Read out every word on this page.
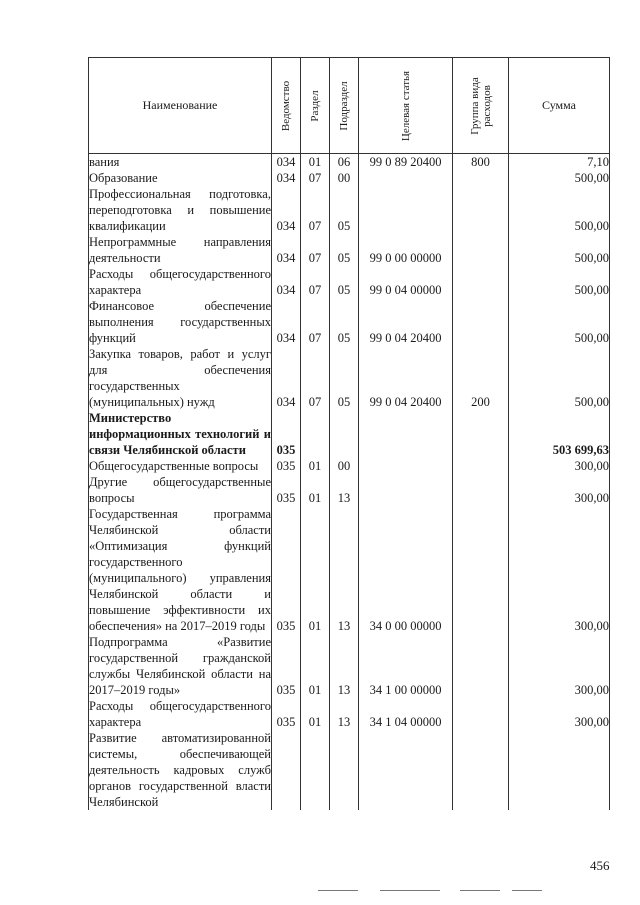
Наименование	Ведомство	Раздел	Подраздел	Целевая статья	Группа вида расходов	Сумма
вания	034	01	06	99 0 89 20400	800	7,10
Образование	034	07	00			500,00
Профессиональная подготовка, переподготовка и повышение квалификации	034	07	05			500,00
Непрограммные направления деятельности	034	07	05	99 0 00 00000		500,00
Расходы общегосударственного характера	034	07	05	99 0 04 00000		500,00
Финансовое обеспечение выполнения государственных функций	034	07	05	99 0 04 20400		500,00
Закупка товаров, работ и услуг для обеспечения государственных (муниципальных) нужд	034	07	05	99 0 04 20400	200	500,00
Министерство информационных технологий и связи Челябинской области	035					503 699,63
Общегосударственные вопросы	035	01	00			300,00
Другие общегосударственные вопросы	035	01	13			300,00
Государственная программа Челябинской области «Оптимизация функций государственного (муниципального) управления Челябинской области и повышение эффективности их обеспечения» на 2017–2019 годы	035	01	13	34 0 00 00000		300,00
Подпрограмма «Развитие государственной гражданской службы Челябинской области на 2017–2019 годы»	035	01	13	34 1 00 00000		300,00
Расходы общегосударственного характера	035	01	13	34 1 04 00000		300,00
Развитие автоматизированной системы, обеспечивающей деятельность кадровых служб органов государственной власти Челябинской						
456
